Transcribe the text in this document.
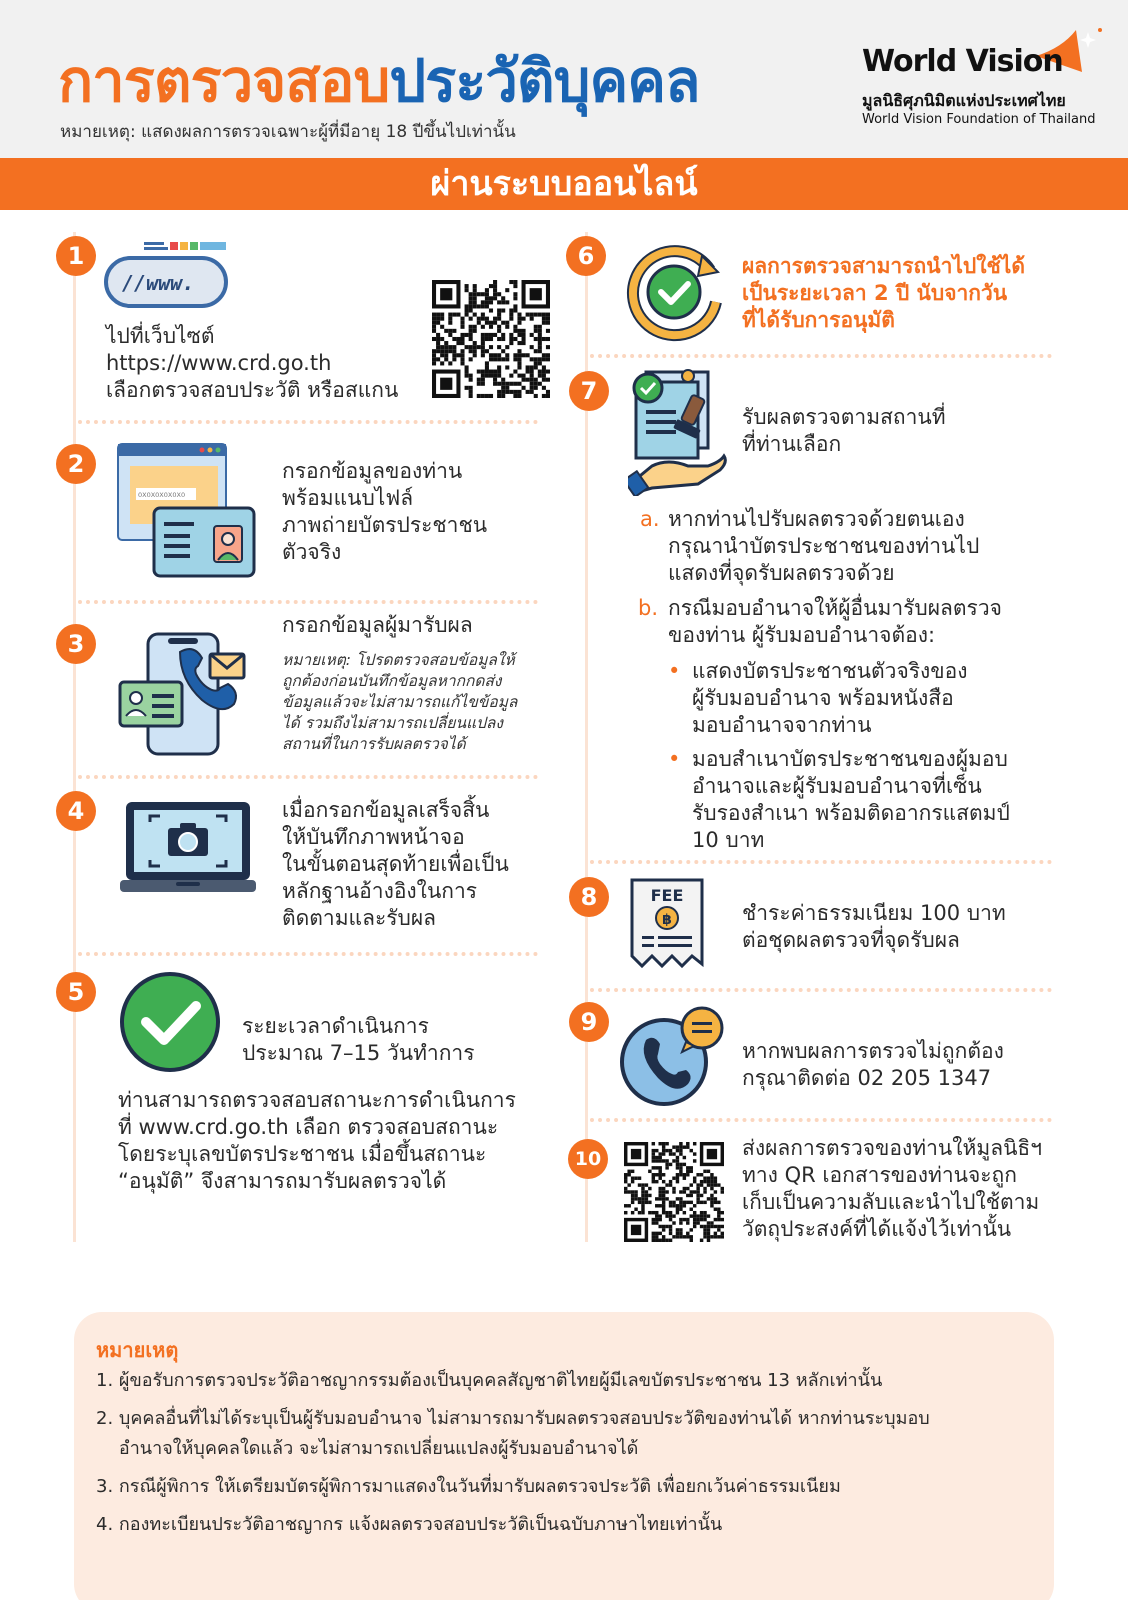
การตรวจสอบประวัติบุคคล
หมายเหตุ: แสดงผลการตรวจเฉพาะผู้ที่มีอายุ 18 ปีขึ้นไปเท่านั้น
World Vision
มูลนิธิศุภนิมิตแห่งประเทศไทย
World Vision Foundation of Thailand
ผ่านระบบออนไลน์
1
//www.
ไปที่เว็บไซต์
https://www.crd.go.th
เลือกตรวจสอบประวัติ หรือสแกน
2
0X0X0X0X0X0
กรอกข้อมูลของท่าน
พร้อมแนบไฟล์
ภาพถ่ายบัตรประชาชน
ตัวจริง
3
กรอกข้อมูลผู้มารับผล
หมายเหตุ: โปรดตรวจสอบข้อมูลให้
ถูกต้องก่อนบันทึกข้อมูลหากกดส่ง
ข้อมูลแล้วจะไม่สามารถแก้ไขข้อมูล
ได้ รวมถึงไม่สามารถเปลี่ยนแปลง
สถานที่ในการรับผลตรวจได้
4	เมื่อกรอกข้อมูลเสร็จสิ้น
ให้บันทึกภาพหน้าจอ
ในขั้นตอนสุดท้ายเพื่อเป็น
หลักฐานอ้างอิงในการ
ติดตามและรับผล
5
ระยะเวลาดำเนินการ
ประมาณ 7–15 วันทำการ
ท่านสามารถตรวจสอบสถานะการดำเนินการ
ที่ www.crd.go.th เลือก ตรวจสอบสถานะ
โดยระบุเลขบัตรประชาชน เมื่อขึ้นสถานะ
“อนุมัติ” จึงสามารถมารับผลตรวจได้
6	ผลการตรวจสามารถนำไปใช้ได้
เป็นระยะเวลา 2 ปี นับจากวัน
ที่ได้รับการอนุมัติ
7
รับผลตรวจตามสถานที่
ที่ท่านเลือก
a. หากท่านไปรับผลตรวจด้วยตนเอง
กรุณานำบัตรประชาชนของท่านไป
แสดงที่จุดรับผลตรวจด้วย
b. กรณีมอบอำนาจให้ผู้อื่นมารับผลตรวจ
ของท่าน ผู้รับมอบอำนาจต้อง:
• แสดงบัตรประชาชนตัวจริงของ
ผู้รับมอบอำนาจ พร้อมหนังสือ
มอบอำนาจจากท่าน
• มอบสำเนาบัตรประชาชนของผู้มอบ
อำนาจและผู้รับมอบอำนาจที่เซ็น
รับรองสำเนา พร้อมติดอากรแสตมป์
10 บาท
8	FEE
฿	ชำระค่าธรรมเนียม 100 บาท
ต่อชุดผลตรวจที่จุดรับผล
9
หากพบผลการตรวจไม่ถูกต้อง
กรุณาติดต่อ 02 205 1347
10	ส่งผลการตรวจของท่านให้มูลนิธิฯ
ทาง QR เอกสารของท่านจะถูก
เก็บเป็นความลับและนำไปใช้ตาม
วัตถุประสงค์ที่ได้แจ้งไว้เท่านั้น
หมายเหตุ
1. ผู้ขอรับการตรวจประวัติอาชญากรรมต้องเป็นบุคคลสัญชาติไทยผู้มีเลขบัตรประชาชน 13 หลักเท่านั้น
2. บุคคลอื่นที่ไม่ได้ระบุเป็นผู้รับมอบอำนาจ ไม่สามารถมารับผลตรวจสอบประวัติของท่านได้ หากท่านระบุมอบ
อำนาจให้บุคคลใดแล้ว จะไม่สามารถเปลี่ยนแปลงผู้รับมอบอำนาจได้
3. กรณีผู้พิการ ให้เตรียมบัตรผู้พิการมาแสดงในวันที่มารับผลตรวจประวัติ เพื่อยกเว้นค่าธรรมเนียม
4. กองทะเบียนประวัติอาชญากร แจ้งผลตรวจสอบประวัติเป็นฉบับภาษาไทยเท่านั้น
